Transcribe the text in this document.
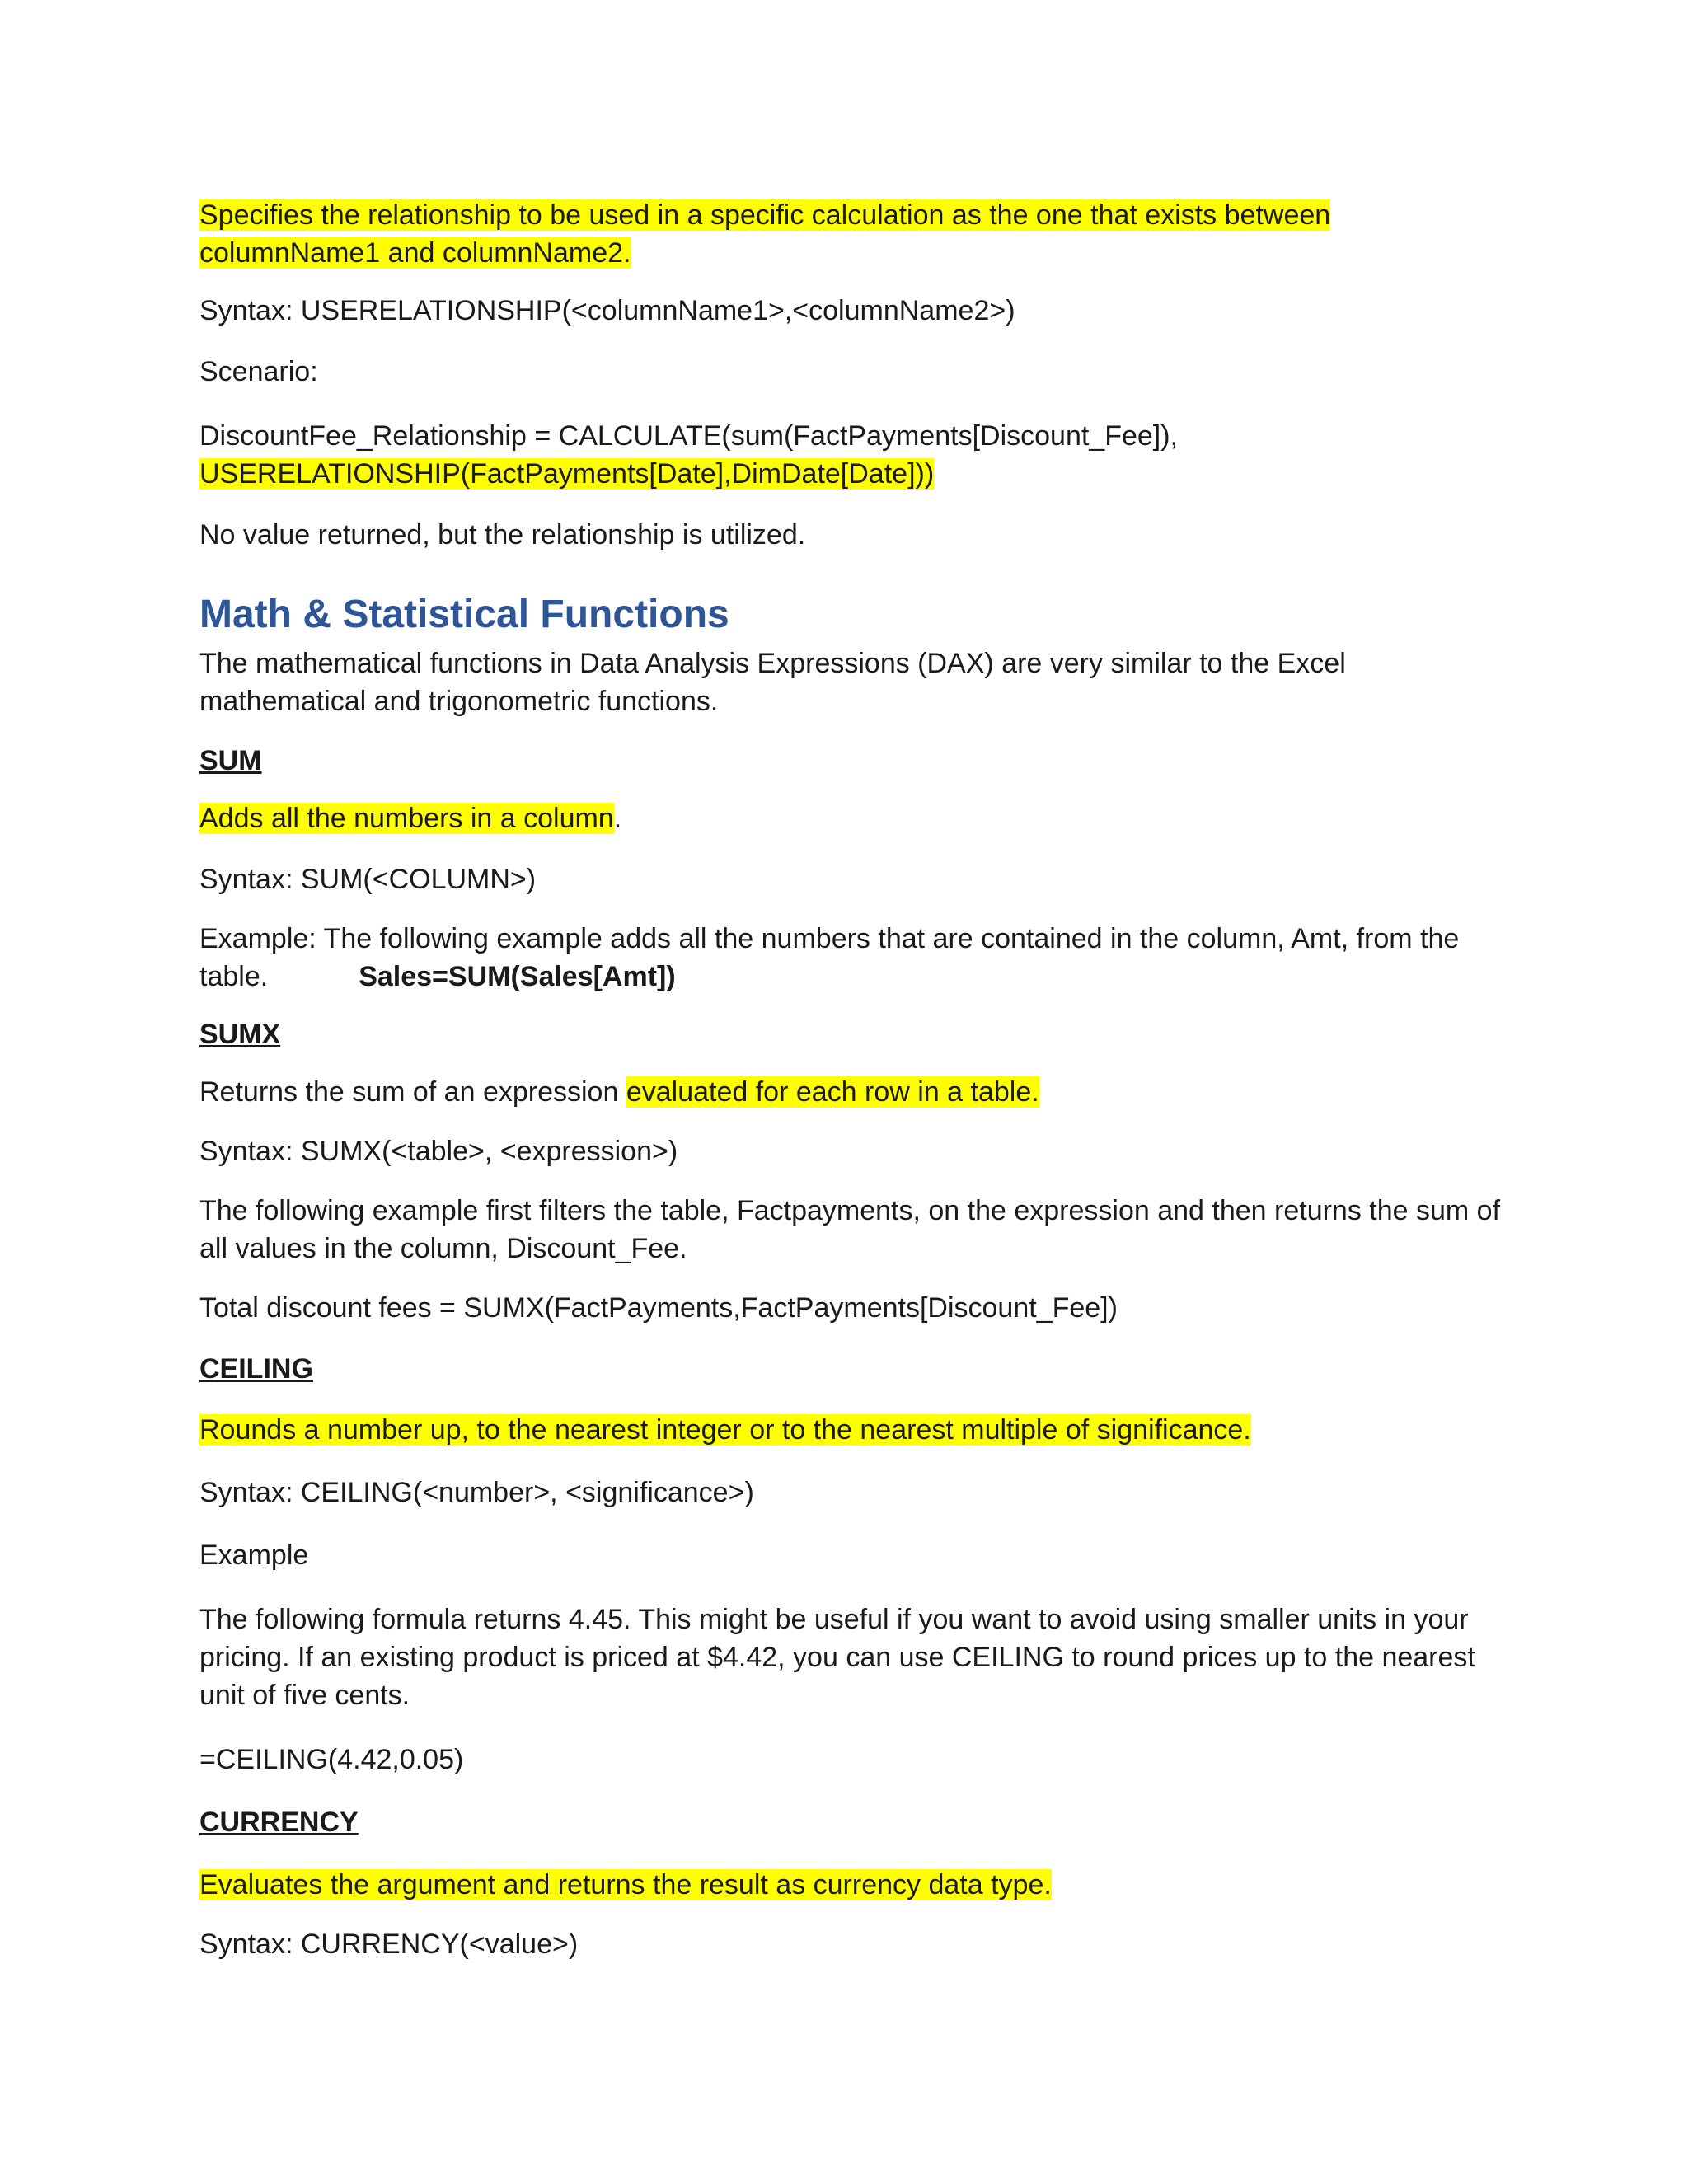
Specifies the relationship to be used in a specific calculation as the one that exists between
columnName1 and columnName2.

Syntax: USERELATIONSHIP(<columnName1>,<columnName2>)

Scenario:

DiscountFee_Relationship = CALCULATE(sum(FactPayments[Discount_Fee]),
USERELATIONSHIP(FactPayments[Date],DimDate[Date]))

No value returned, but the relationship is utilized.

Math & Statistical Functions

The mathematical functions in Data Analysis Expressions (DAX) are very similar to the Excel mathematical and trigonometric functions.

SUM

Adds all the numbers in a column.

Syntax: SUM(<COLUMN>)

Example: The following example adds all the numbers that are contained in the column, Amt, from the table.	Sales=SUM(Sales[Amt])

SUMX

Returns the sum of an expression evaluated for each row in a table.

Syntax: SUMX(<table>, <expression>)

The following example first filters the table, Factpayments, on the expression and then returns the sum of all values in the column, Discount_Fee.

Total discount fees = SUMX(FactPayments,FactPayments[Discount_Fee])

CEILING

Rounds a number up, to the nearest integer or to the nearest multiple of significance.

Syntax: CEILING(<number>, <significance>)

Example

The following formula returns 4.45. This might be useful if you want to avoid using smaller units in your pricing. If an existing product is priced at $4.42, you can use CEILING to round prices up to the nearest unit of five cents.

=CEILING(4.42,0.05)

CURRENCY

Evaluates the argument and returns the result as currency data type.

Syntax: CURRENCY(<value>)
